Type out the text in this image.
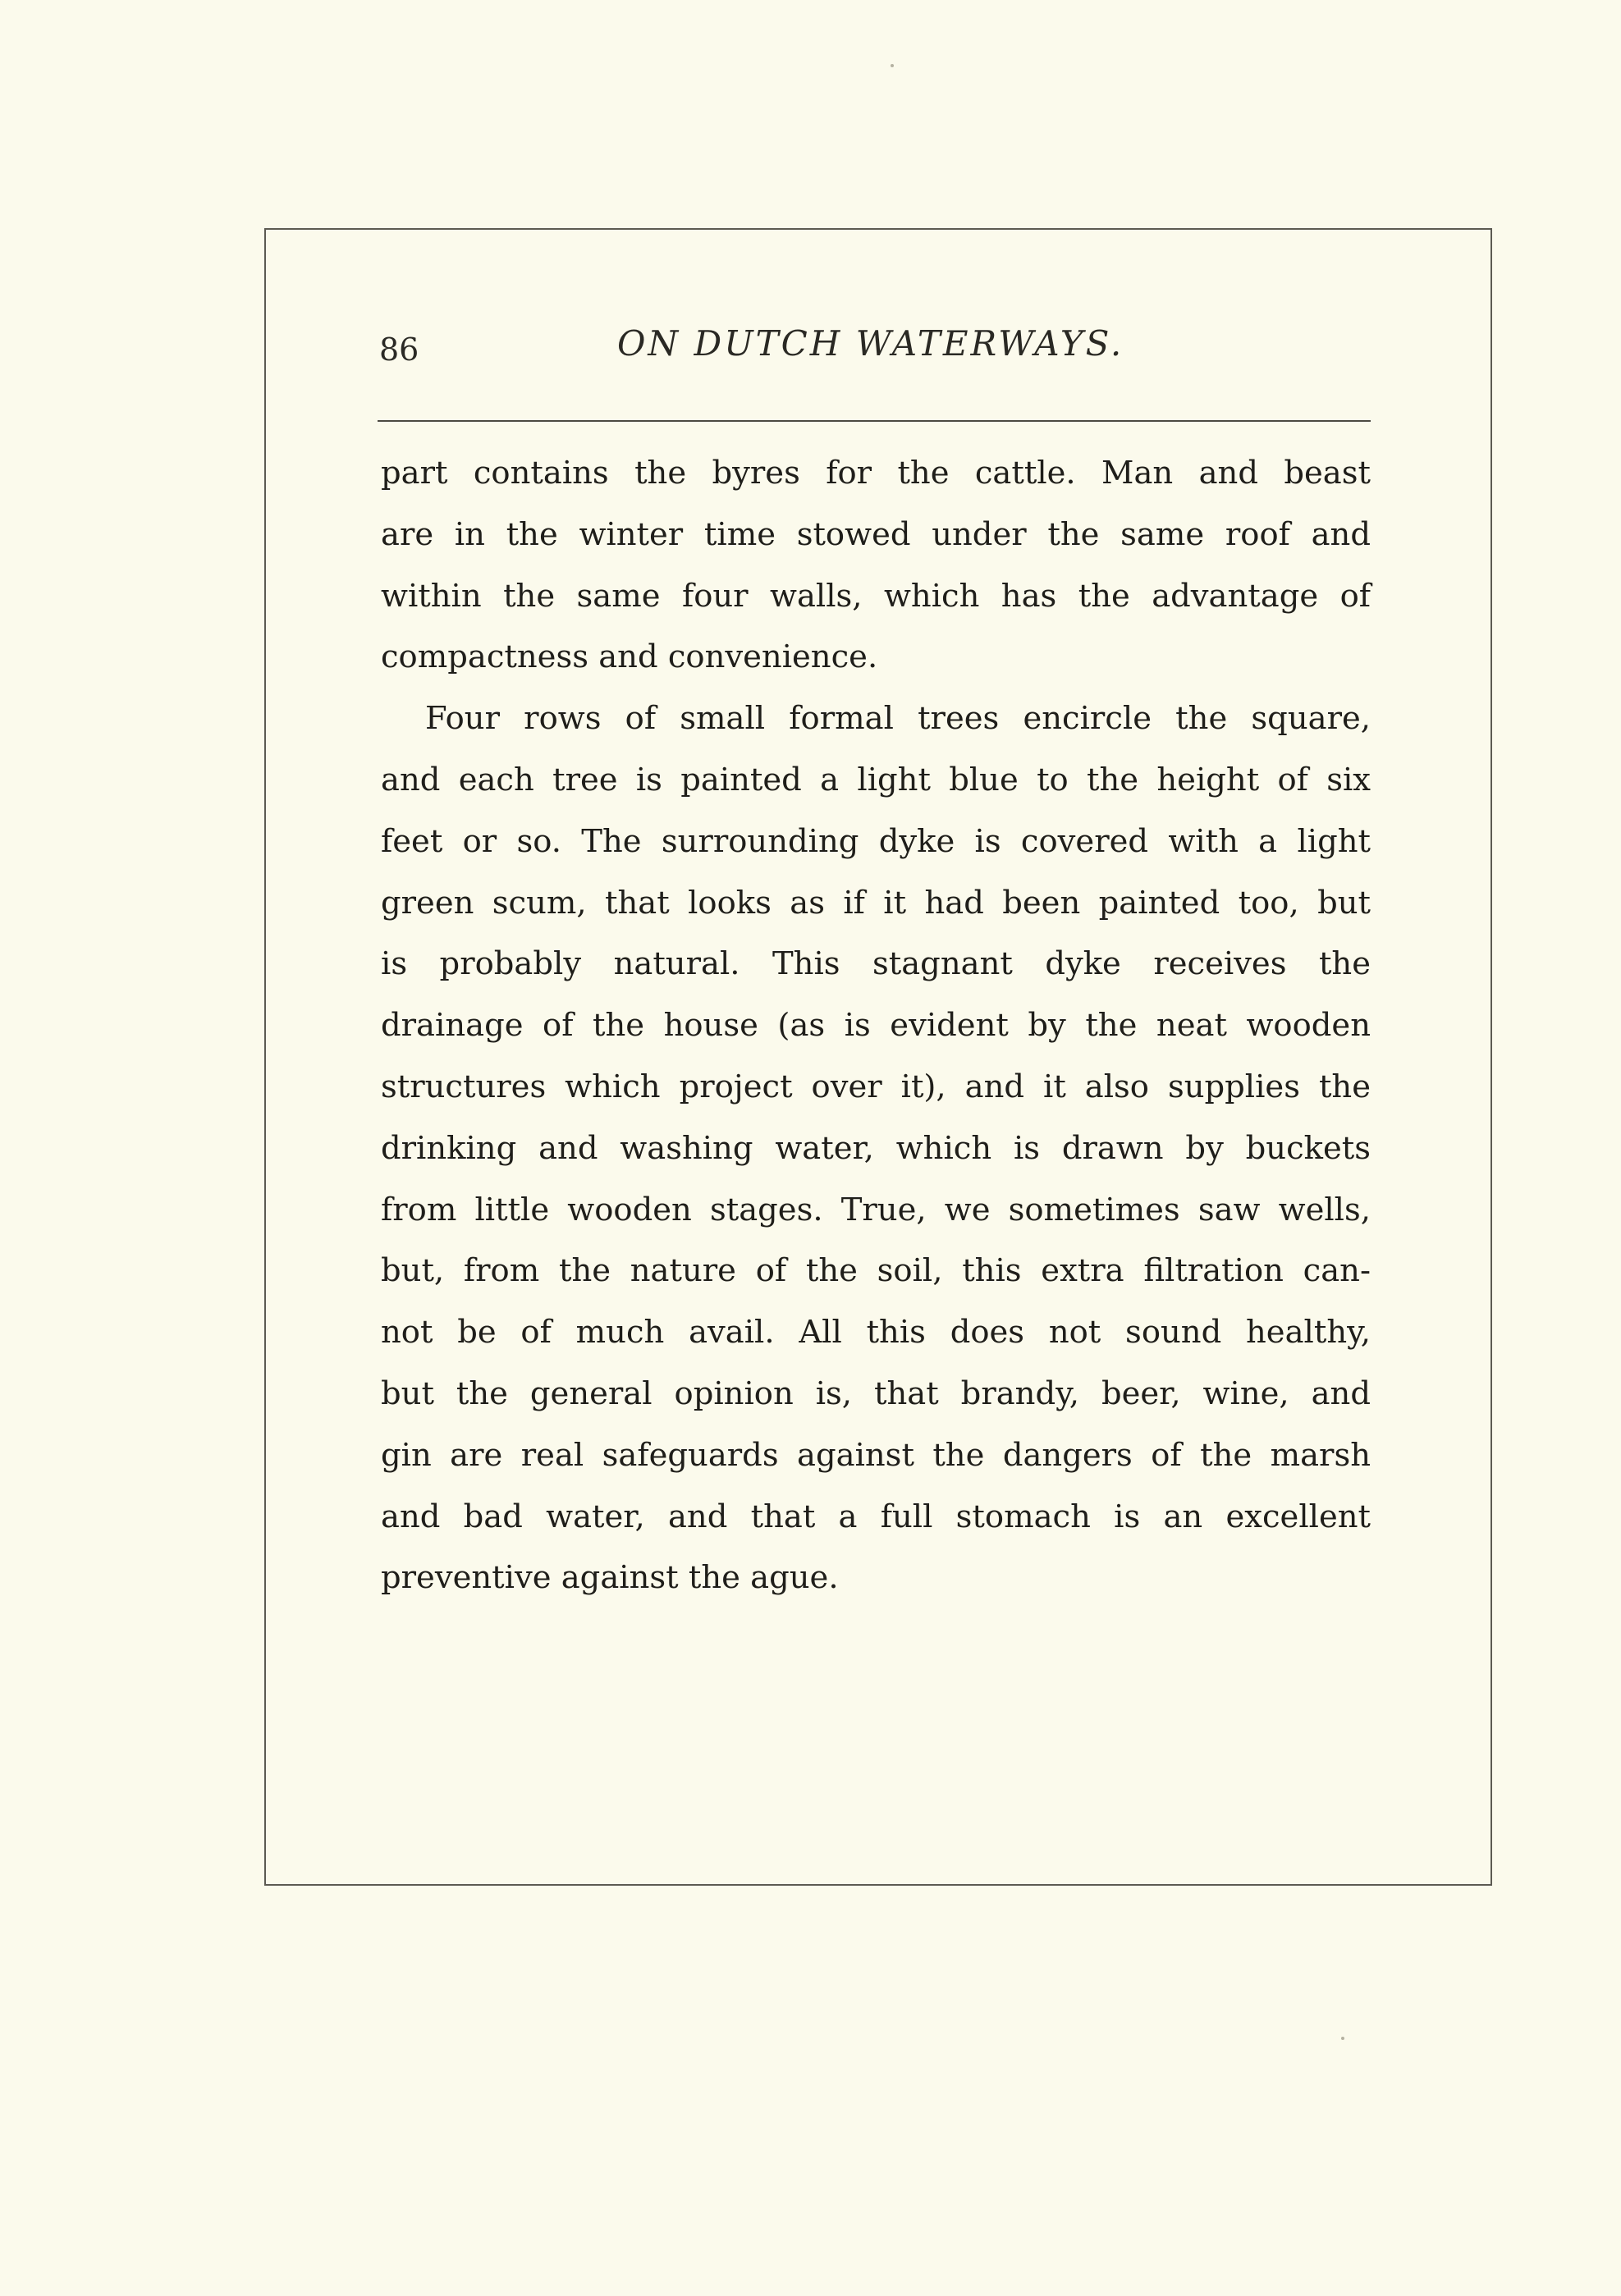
86	ON DUTCH WATERWAYS.
part contains the byres for the cattle. Man and beast
are in the winter time stowed under the same roof and
within the same four walls, which has the advantage of
compactness and convenience.
Four rows of small formal trees encircle the square,
and each tree is painted a light blue to the height of six
feet or so. The surrounding dyke is covered with a light
green scum, that looks as if it had been painted too, but
is probably natural. This stagnant dyke receives the
drainage of the house (as is evident by the neat wooden
structures which project over it), and it also supplies the
drinking and washing water, which is drawn by buckets
from little wooden stages. True, we sometimes saw wells,
but, from the nature of the soil, this extra filtration can-
not be of much avail. All this does not sound healthy,
but the general opinion is, that brandy, beer, wine, and
gin are real safeguards against the dangers of the marsh
and bad water, and that a full stomach is an excellent
preventive against the ague.
